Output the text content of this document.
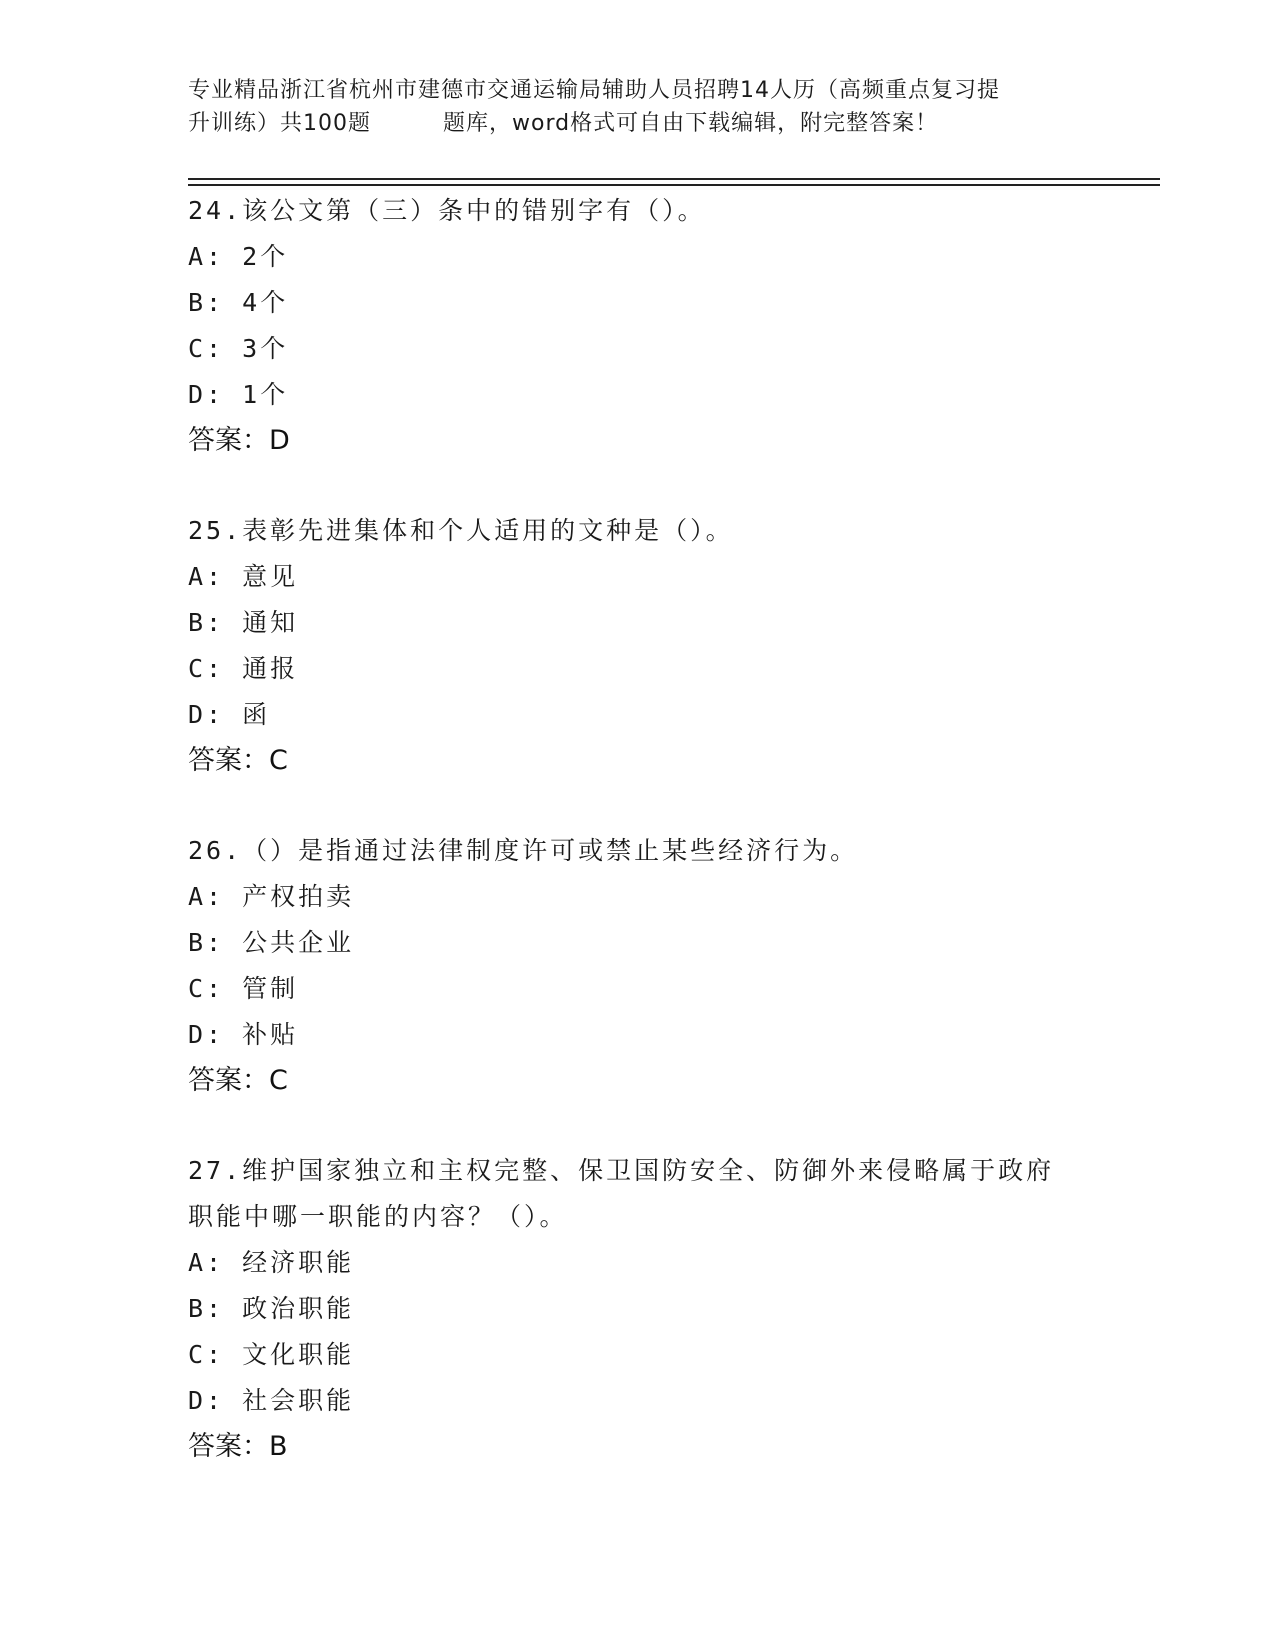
专业精品浙江省杭州市建德市交通运输局辅助人员招聘14人历（高频重点复习提
升训练）共100题	题库，word格式可自由下载编辑，附完整答案！
24.该公文第（三）条中的错别字有（）。
A: 2个
B: 4个
C: 3个
D: 1个
答案：D
25.表彰先进集体和个人适用的文种是（）。
A: 意见
B: 通知
C: 通报
D: 函
答案：C
26.（）是指通过法律制度许可或禁止某些经济行为。
A: 产权拍卖
B: 公共企业
C: 管制
D: 补贴
答案：C
27.维护国家独立和主权完整、保卫国防安全、防御外来侵略属于政府
职能中哪一职能的内容？（）。
A: 经济职能
B: 政治职能
C: 文化职能
D: 社会职能
答案：B
